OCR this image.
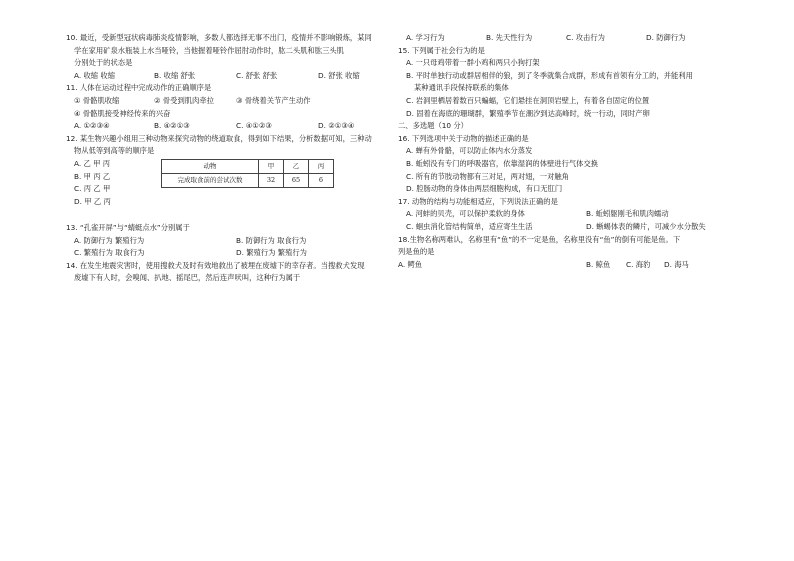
10. 最近，受新型冠状病毒肺炎疫情影响，多数人都选择无事不出门，疫情并不影响锻炼，某同
学在家用矿泉水瓶装上水当哑铃，当他握着哑铃作屈肘动作时，肱二头肌和肱三头肌
分别处于的状态是
A. 收缩 收缩	B. 收缩 舒张	C. 舒张 舒张	D. 舒张 收缩
11. 人体在运动过程中完成动作的正确顺序是
① 骨骼肌收缩	② 骨受到肌肉牵拉	③ 骨绕着关节产生动作
④ 骨骼肌接受神经传来的兴奋
A. ①②③④	B. ④②①③	C. ④①②③	D. ②①③④
12. 某生物兴趣小组用三种动物来探究动物的绕道取食，得到如下结果，分析数据可知，三种动
物从低等到高等的顺序是
A. 乙 甲 丙
B. 甲 丙 乙
C. 丙 乙 甲
D. 甲 乙 丙
动物	甲	乙	丙
完成取食前的尝试次数	32	65	6
13. “孔雀开屏”与“蜻蜓点水”分别属于
A. 防御行为 繁殖行为	B. 防御行为 取食行为
C. 繁殖行为 取食行为	D. 繁殖行为 繁殖行为
14. 在发生地震灾害时，使用搜救犬及时有效地救出了被埋在废墟下的幸存者。当搜救犬发现
废墟下有人时，会嗅闻、扒地、摇尾巴，然后连声吠叫，这种行为属于
A. 学习行为	B. 先天性行为	C. 攻击行为	D. 防御行为
15. 下列属于社会行为的是
A. 一只母鸡带着一群小鸡和两只小狗打架
B. 平时单独行动或群居相伴的狼，到了冬季就集合成群，形成有首领有分工的，并能利用
某种通讯手段保持联系的集体
C. 岩洞里栖居着数百只蝙蝠，它们悬挂在洞顶岩壁上，有着各自固定的位置
D. 固着在海底的珊瑚群，繁殖季节在潮汐到达高峰时，统一行动，同时产卵
二、多选题（10 分）
16. 下列选项中关于动物的描述正确的是
A. 蝉有外骨骼，可以防止体内水分蒸发
B. 蚯蚓没有专门的呼吸器官，依靠湿润的体壁进行气体交换
C. 所有的节肢动物都有三对足，两对翅，一对触角
D. 腔肠动物的身体由两层细胞构成，有口无肛门
17. 动物的结构与功能相适应，下列说法正确的是
A. 河蚌的贝壳，可以保护柔软的身体	B. 蚯蚓躯刚毛和肌肉蠕动
C. 蛔虫消化管结构简单，适应寄生生活	D. 蜥蜴体表的鳞片，可减少水分散失
18.生物名称两难认，名称里有“鱼”的不一定是鱼，名称里没有“鱼”的倒有可能是鱼。下
列是鱼的是
A. 鳄鱼	B. 鲸鱼	C. 海豹	D. 海马
